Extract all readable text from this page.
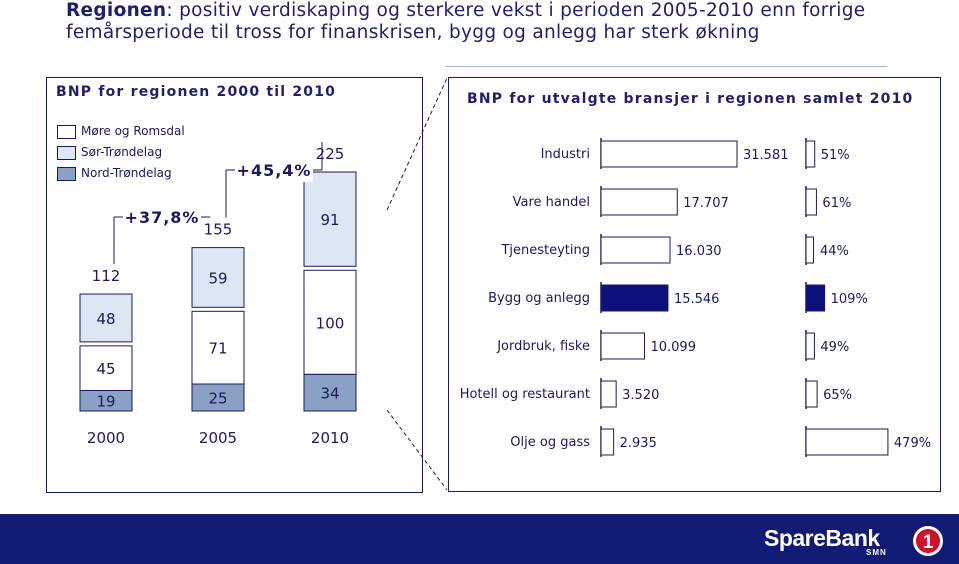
Regionen: positiv verdiskaping og sterkere vekst i perioden 2005-2010 enn forrige femårsperiode til tross for finanskrisen, bygg og anlegg har sterk økning
BNP for regionen 2000 til 2010
Møre og Romsdal
Sør-Trøndelag
Nord-Trøndelag
19
45
48
112
25
71
59
155
34
100
91
225
+37,8%
+45,4%
2000	2005	2010
BNP for utvalgte bransjer i regionen samlet 2010
Industri	31.581 51%
Vare handel	17.707	61%
Tjenesteyting	16.030	44%
Bygg og anlegg	15.546	109%
Jordbruk, fiske	10.099	49%
Hotell og restaurant 3.520	65%
Olje og gass 2.935	479%
SpareBank
SMN 1
